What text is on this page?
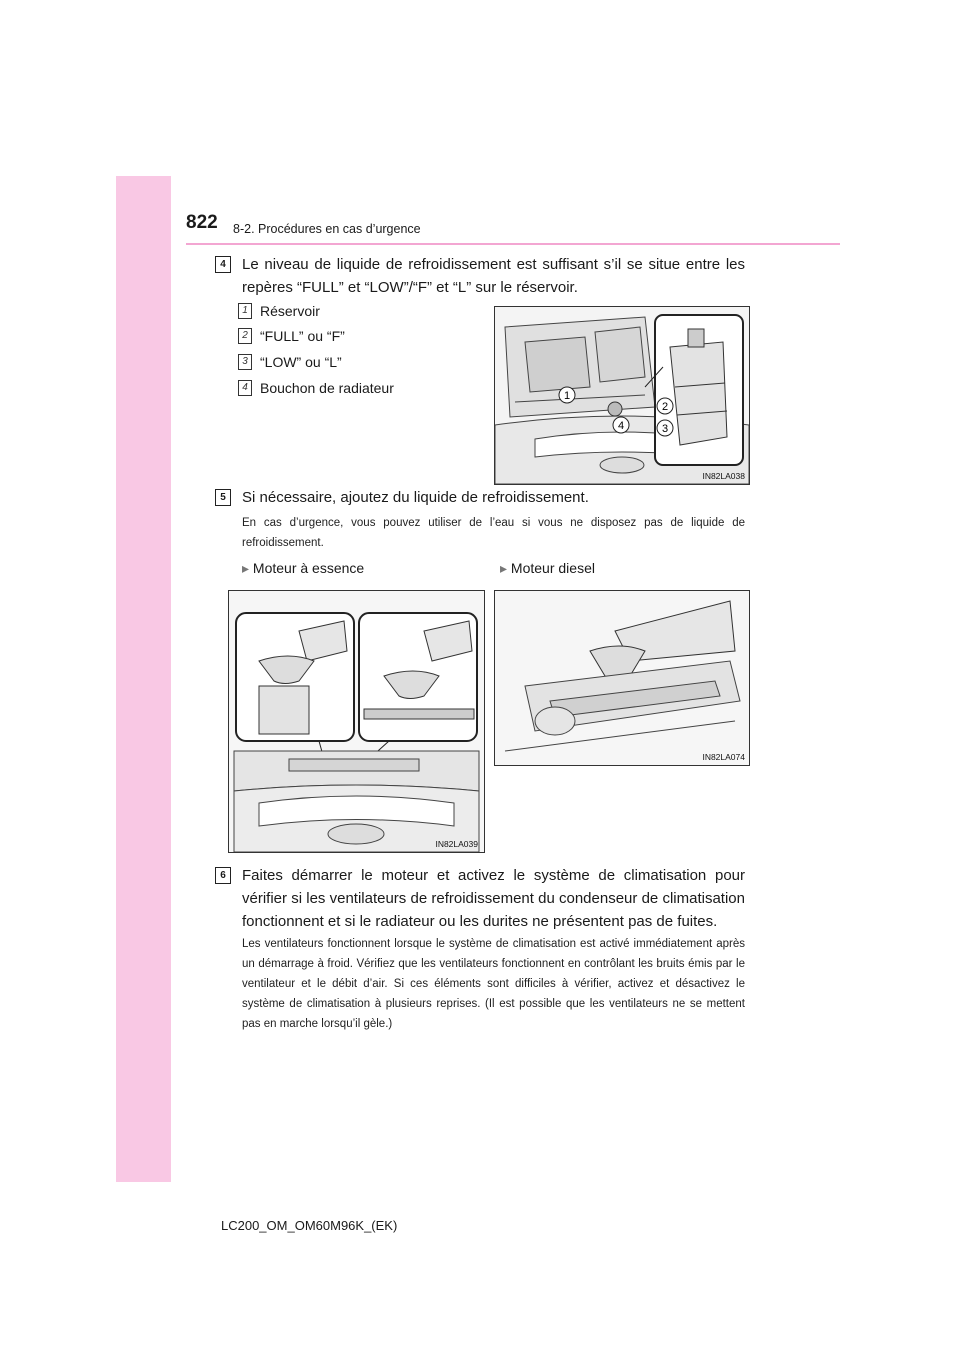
822 8-2. Procédures en cas d’urgence
4	Le niveau de liquide de refroidissement est suffisant s’il se situe entre les repères “FULL” et “LOW”/“F” et “L” sur le réservoir.
1 Réservoir
2 “FULL” ou “F”
3 “LOW” ou “L”
4 Bouchon de radiateur	1
2
3
4
IN82LA038
5	Si nécessaire, ajoutez du liquide de refroidissement.
En cas d’urgence, vous pouvez utiliser de l’eau si vous ne disposez pas de liquide de refroidissement.
▸ Moteur à essence	▸ Moteur diesel
IN82LA039
IN82LA074
6	Faites démarrer le moteur et activez le système de climatisation pour vérifier si les ventilateurs de refroidissement du condenseur de climatisation fonctionnent et si le radiateur ou les durites ne présentent pas de fuites.
Les ventilateurs fonctionnent lorsque le système de climatisation est activé immédiatement après un démarrage à froid. Vérifiez que les ventilateurs fonctionnent en contrôlant les bruits émis par le ventilateur et le débit d’air. Si ces éléments sont difficiles à vérifier, activez et désactivez le système de climatisation à plusieurs reprises. (Il est possible que les ventilateurs ne se mettent pas en marche lorsqu’il gèle.)
LC200_OM_OM60M96K_(EK)
